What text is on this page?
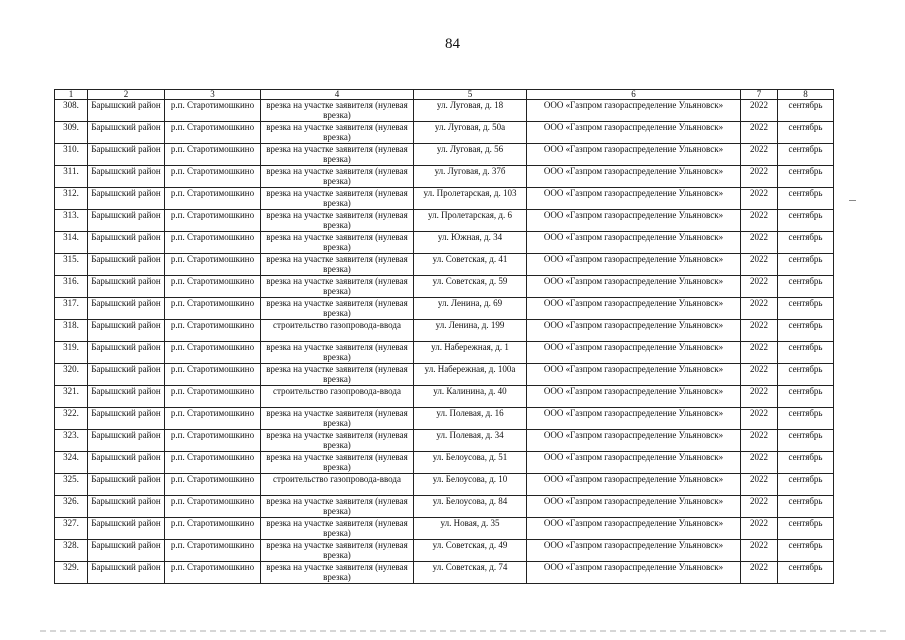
84
1	2	3	4	5	6	7	8
308.	Барышский район	р.п. Старотимошкино	врезка на участке заявителя (нулевая врезка)	ул. Луговая, д. 18	ООО «Газпром газораспределение Ульяновск»	2022	сентябрь
309.	Барышский район	р.п. Старотимошкино	врезка на участке заявителя (нулевая врезка)	ул. Луговая, д. 50а	ООО «Газпром газораспределение Ульяновск»	2022	сентябрь
310.	Барышский район	р.п. Старотимошкино	врезка на участке заявителя (нулевая врезка)	ул. Луговая, д. 56	ООО «Газпром газораспределение Ульяновск»	2022	сентябрь
311.	Барышский район	р.п. Старотимошкино	врезка на участке заявителя (нулевая врезка)	ул. Луговая, д. 37б	ООО «Газпром газораспределение Ульяновск»	2022	сентябрь
312.	Барышский район	р.п. Старотимошкино	врезка на участке заявителя (нулевая врезка)	ул. Пролетарская, д. 103	ООО «Газпром газораспределение Ульяновск»	2022	сентябрь
313.	Барышский район	р.п. Старотимошкино	врезка на участке заявителя (нулевая врезка)	ул. Пролетарская, д. 6	ООО «Газпром газораспределение Ульяновск»	2022	сентябрь
314.	Барышский район	р.п. Старотимошкино	врезка на участке заявителя (нулевая врезка)	ул. Южная, д. 34	ООО «Газпром газораспределение Ульяновск»	2022	сентябрь
315.	Барышский район	р.п. Старотимошкино	врезка на участке заявителя (нулевая врезка)	ул. Советская, д. 41	ООО «Газпром газораспределение Ульяновск»	2022	сентябрь
316.	Барышский район	р.п. Старотимошкино	врезка на участке заявителя (нулевая врезка)	ул. Советская, д. 59	ООО «Газпром газораспределение Ульяновск»	2022	сентябрь
317.	Барышский район	р.п. Старотимошкино	врезка на участке заявителя (нулевая врезка)	ул. Ленина, д. 69	ООО «Газпром газораспределение Ульяновск»	2022	сентябрь
318.	Барышский район	р.п. Старотимошкино	строительство газопровода-ввода	ул. Ленина, д. 199	ООО «Газпром газораспределение Ульяновск»	2022	сентябрь
319.	Барышский район	р.п. Старотимошкино	врезка на участке заявителя (нулевая врезка)	ул. Набережная, д. 1	ООО «Газпром газораспределение Ульяновск»	2022	сентябрь
320.	Барышский район	р.п. Старотимошкино	врезка на участке заявителя (нулевая врезка)	ул. Набережная, д. 100а	ООО «Газпром газораспределение Ульяновск»	2022	сентябрь
321.	Барышский район	р.п. Старотимошкино	строительство газопровода-ввода	ул. Калинина, д. 40	ООО «Газпром газораспределение Ульяновск»	2022	сентябрь
322.	Барышский район	р.п. Старотимошкино	врезка на участке заявителя (нулевая врезка)	ул. Полевая, д. 16	ООО «Газпром газораспределение Ульяновск»	2022	сентябрь
323.	Барышский район	р.п. Старотимошкино	врезка на участке заявителя (нулевая врезка)	ул. Полевая, д. 34	ООО «Газпром газораспределение Ульяновск»	2022	сентябрь
324.	Барышский район	р.п. Старотимошкино	врезка на участке заявителя (нулевая врезка)	ул. Белоусова, д. 51	ООО «Газпром газораспределение Ульяновск»	2022	сентябрь
325.	Барышский район	р.п. Старотимошкино	строительство газопровода-ввода	ул. Белоусова, д. 10	ООО «Газпром газораспределение Ульяновск»	2022	сентябрь
326.	Барышский район	р.п. Старотимошкино	врезка на участке заявителя (нулевая врезка)	ул. Белоусова, д. 84	ООО «Газпром газораспределение Ульяновск»	2022	сентябрь
327.	Барышский район	р.п. Старотимошкино	врезка на участке заявителя (нулевая врезка)	ул. Новая, д. 35	ООО «Газпром газораспределение Ульяновск»	2022	сентябрь
328.	Барышский район	р.п. Старотимошкино	врезка на участке заявителя (нулевая врезка)	ул. Советская, д. 49	ООО «Газпром газораспределение Ульяновск»	2022	сентябрь
329.	Барышский район	р.п. Старотимошкино	врезка на участке заявителя (нулевая врезка)	ул. Советская, д. 74	ООО «Газпром газораспределение Ульяновск»	2022	сентябрь
